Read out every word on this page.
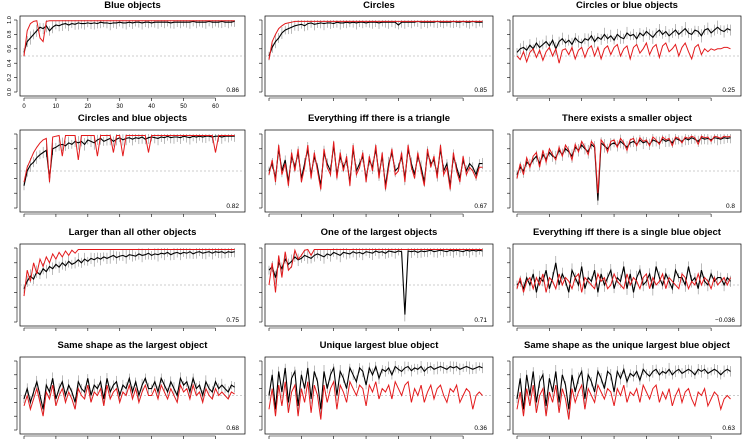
Blue objects
0.0
0.2
0.4
0.6
0.8
1.0
0	10	20	30	40	50	60
0.86
Circles
0.85
Circles or blue objects
0.25
Circles and blue objects
0.82
Everything iff there is a triangle
0.67
There exists a smaller object
0.8
Larger than all other objects
0.75
One of the largest objects
0.71
Everything iff there is a single blue object
−0.036
Same shape as the largest object
0.68
Unique largest blue object
0.36
Same shape as the unique largest blue object
0.63
